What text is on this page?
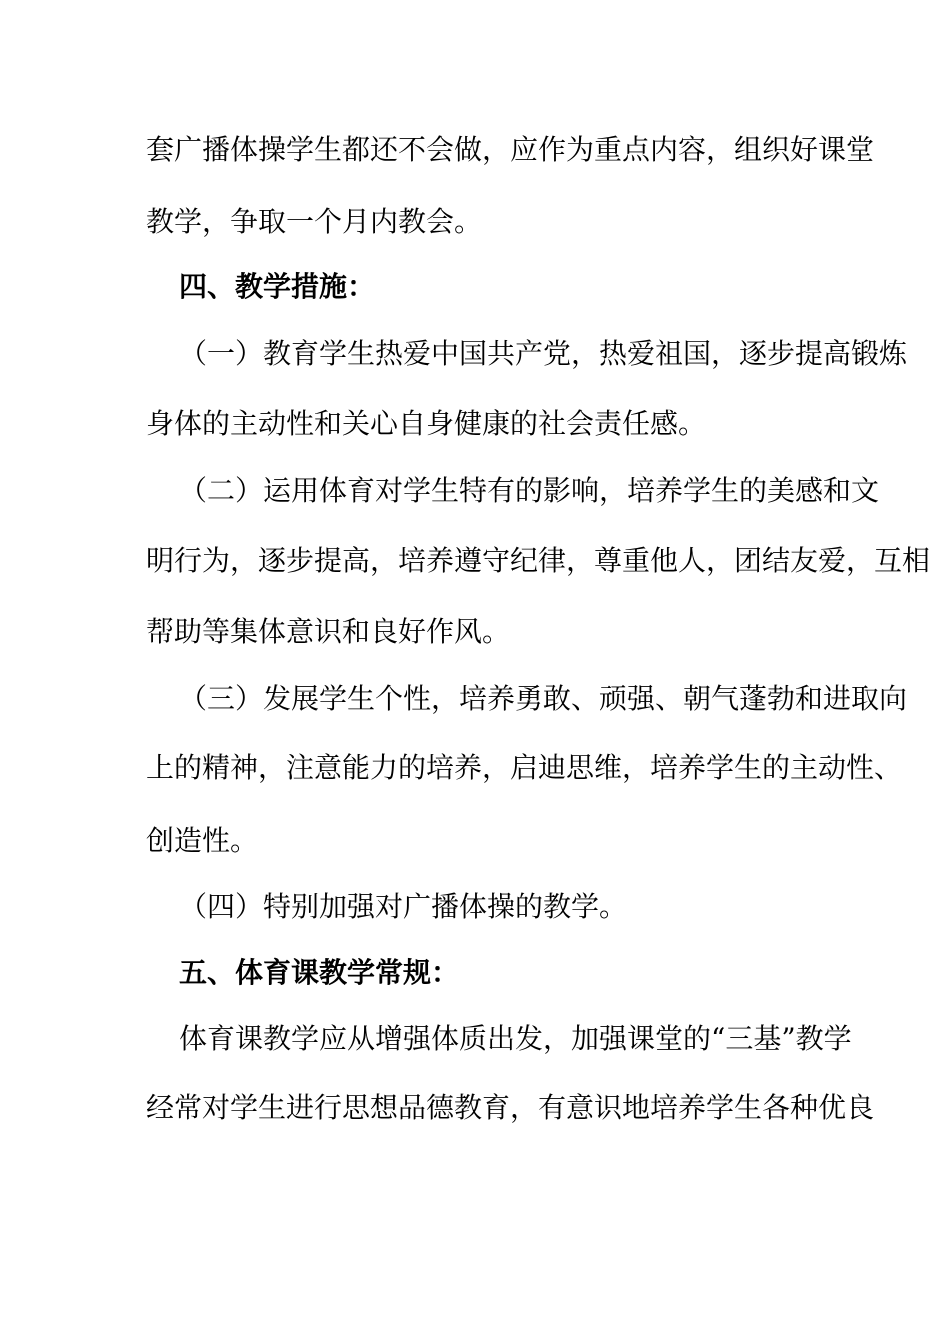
套广播体操学生都还不会做，应作为重点内容，组织好课堂
教学，争取一个月内教会。
四、教学措施：
（一）教育学生热爱中国共产党，热爱祖国，逐步提高锻炼
身体的主动性和关心自身健康的社会责任感。
（二）运用体育对学生特有的影响，培养学生的美感和文
明行为，逐步提高，培养遵守纪律，尊重他人，团结友爱，互相
帮助等集体意识和良好作风。
（三）发展学生个性，培养勇敢、顽强、朝气蓬勃和进取向
上的精神，注意能力的培养，启迪思维，培养学生的主动性、
创造性。
（四）特别加强对广播体操的教学。
五、体育课教学常规：
体育课教学应从增强体质出发，加强课堂的“三基”教学
经常对学生进行思想品德教育，有意识地培养学生各种优良
